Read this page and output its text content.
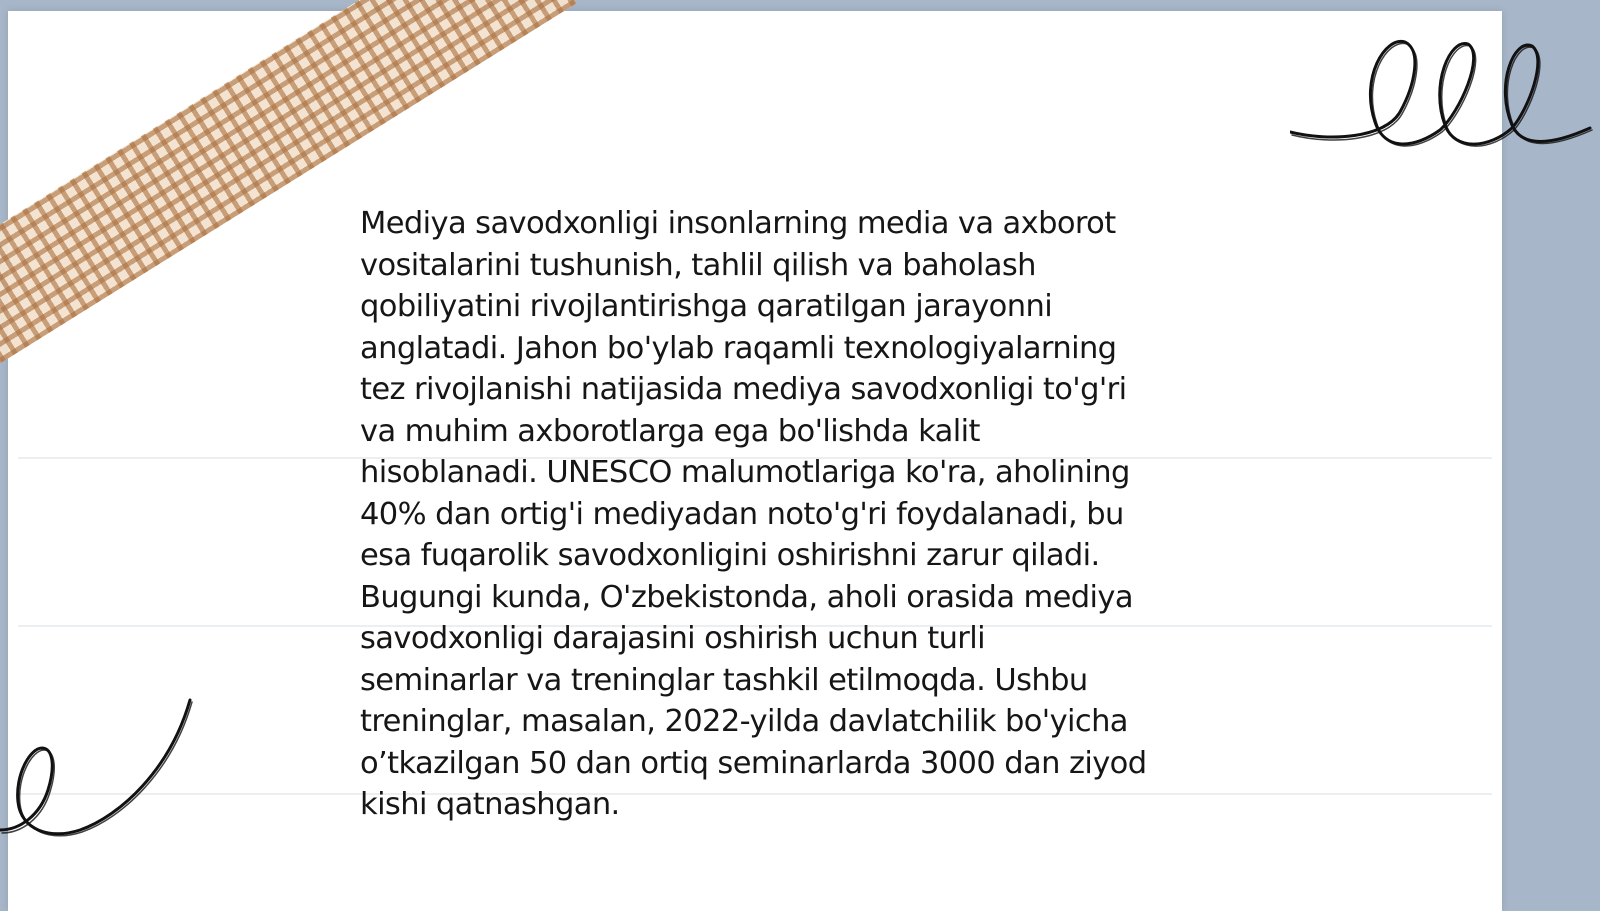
Mediya savodxonligi insonlarning media va axborot
vositalarini tushunish, tahlil qilish va baholash
qobiliyatini rivojlantirishga qaratilgan jarayonni
anglatadi. Jahon bo'ylab raqamli texnologiyalarning
tez rivojlanishi natijasida mediya savodxonligi to'g'ri
va muhim axborotlarga ega bo'lishda kalit
hisoblanadi. UNESCO malumotlariga ko'ra, aholining
40% dan ortig'i mediyadan noto'g'ri foydalanadi, bu
esa fuqarolik savodxonligini oshirishni zarur qiladi.
Bugungi kunda, O'zbekistonda, aholi orasida mediya
savodxonligi darajasini oshirish uchun turli
seminarlar va treninglar tashkil etilmoqda. Ushbu
treninglar, masalan, 2022-yilda davlatchilik bo'yicha
o’tkazilgan 50 dan ortiq seminarlarda 3000 dan ziyod
kishi qatnashgan.
